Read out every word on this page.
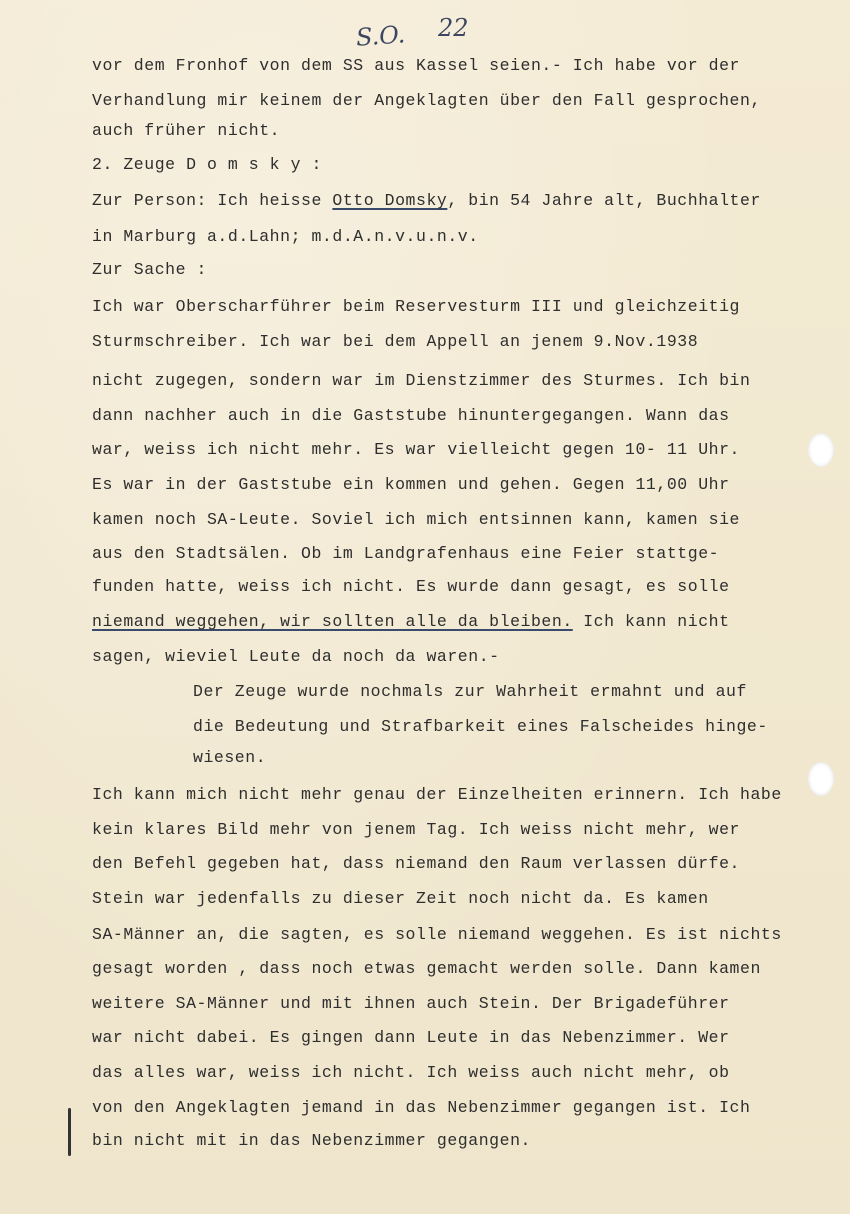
S.O. 22
vor dem Fronhof von dem SS aus Kassel seien.- Ich habe vor der
Verhandlung mir keinem der Angeklagten über den Fall gesprochen,
auch früher nicht.
2. Zeuge D o m s k y :
Zur Person: Ich heisse Otto Domsky, bin 54 Jahre alt, Buchhalter
in Marburg a.d.Lahn; m.d.A.n.v.u.n.v.
Zur Sache :
Ich war Oberscharführer beim Reservesturm III und gleichzeitig
Sturmschreiber. Ich war bei dem Appell an jenem 9.Nov.1938
nicht zugegen, sondern war im Dienstzimmer des Sturmes. Ich bin
dann nachher auch in die Gaststube hinuntergegangen. Wann das
war, weiss ich nicht mehr. Es war vielleicht gegen 10- 11 Uhr.
Es war in der Gaststube ein kommen und gehen. Gegen 11,00 Uhr
kamen noch SA-Leute. Soviel ich mich entsinnen kann, kamen sie
aus den Stadtsälen. Ob im Landgrafenhaus eine Feier stattge-
funden hatte, weiss ich nicht. Es wurde dann gesagt, es solle
niemand weggehen, wir sollten alle da bleiben. Ich kann nicht
sagen, wieviel Leute da noch da waren.-
Der Zeuge wurde nochmals zur Wahrheit ermahnt und auf
die Bedeutung und Strafbarkeit eines Falscheides hinge-
wiesen.
Ich kann mich nicht mehr genau der Einzelheiten erinnern. Ich habe
kein klares Bild mehr von jenem Tag. Ich weiss nicht mehr, wer
den Befehl gegeben hat, dass niemand den Raum verlassen dürfe.
Stein war jedenfalls zu dieser Zeit noch nicht da. Es kamen
SA-Männer an, die sagten, es solle niemand weggehen. Es ist nichts
gesagt worden , dass noch etwas gemacht werden solle. Dann kamen
weitere SA-Männer und mit ihnen auch Stein. Der Brigadeführer
war nicht dabei. Es gingen dann Leute in das Nebenzimmer. Wer
das alles war, weiss ich nicht. Ich weiss auch nicht mehr, ob
von den Angeklagten jemand in das Nebenzimmer gegangen ist. Ich
bin nicht mit in das Nebenzimmer gegangen.
